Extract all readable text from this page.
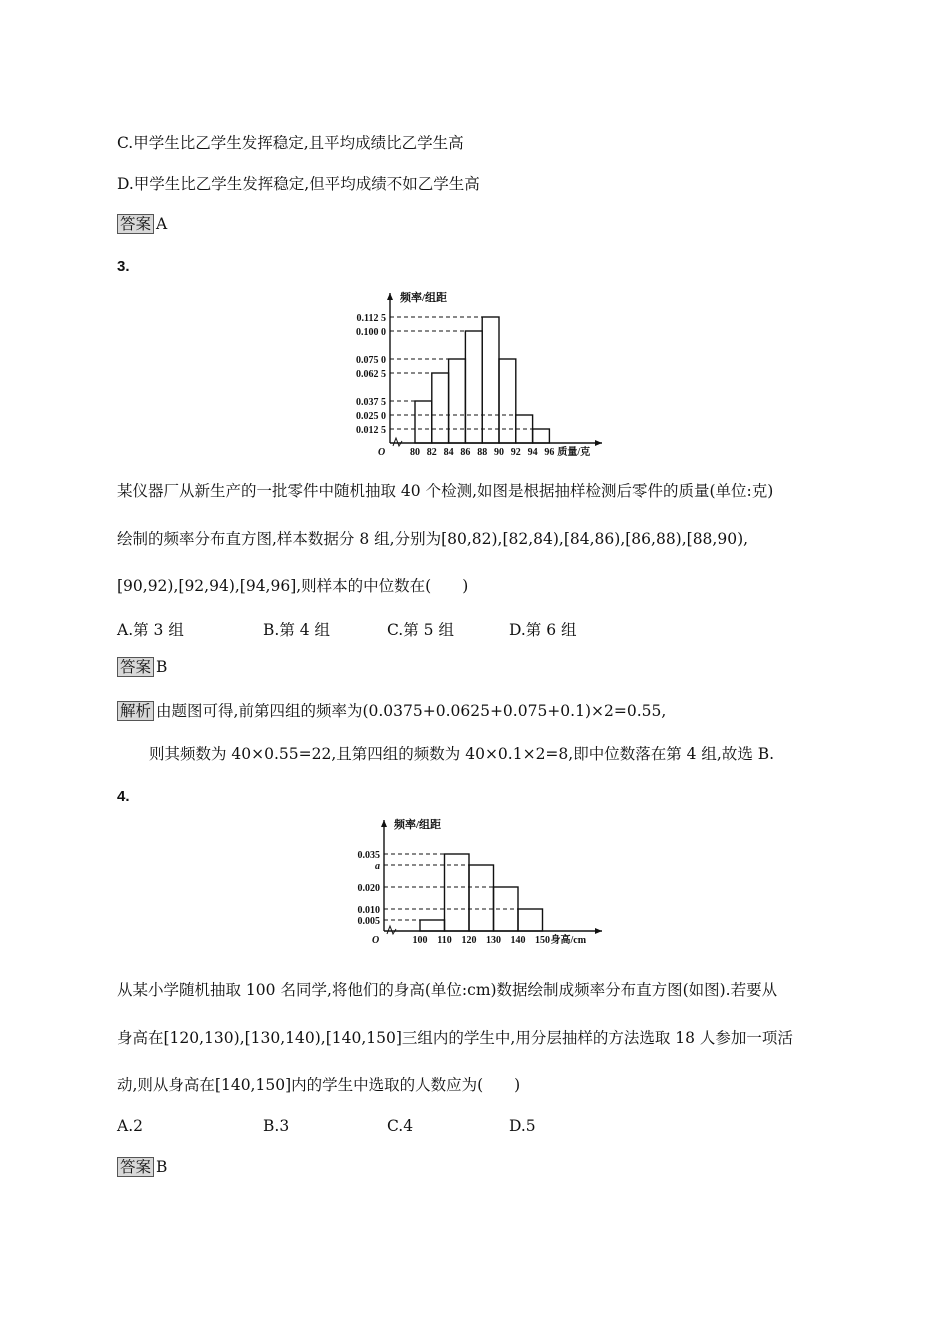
C.甲学生比乙学生发挥稳定,且平均成绩比乙学生高
D.甲学生比乙学生发挥稳定,但平均成绩不如乙学生高
答案 A
3.
频率/组距
质量/克
O
0.112 5
0.100 0
0.075 0
0.062 5
0.037 5
0.025 0
0.012 5
80 82 84 86 88 90 92 94 96
某仪器厂从新生产的一批零件中随机抽取 40 个检测,如图是根据抽样检测后零件的质量(单位:克)
绘制的频率分布直方图,样本数据分 8 组,分别为[80,82),[82,84),[84,86),[86,88),[88,90),
[90,92),[92,94),[94,96],则样本的中位数在(　　)
A.第 3 组	B.第 4 组	C.第 5 组	D.第 6 组
答案 B
解析 由题图可得,前第四组的频率为(0.0375+0.0625+0.075+0.1)×2=0.55,
则其频数为 40×0.55=22,且第四组的频数为 40×0.1×2=8,即中位数落在第 4 组,故选 B.
4.
频率/组距
身高/cm
O
0.035
a
0.020
0.010
0.005
100 110 120 130 140 150
从某小学随机抽取 100 名同学,将他们的身高(单位:cm)数据绘制成频率分布直方图(如图).若要从
身高在[120,130),[130,140),[140,150]三组内的学生中,用分层抽样的方法选取 18 人参加一项活
动,则从身高在[140,150]内的学生中选取的人数应为(　　)
A.2	B.3	C.4	D.5
答案 B
